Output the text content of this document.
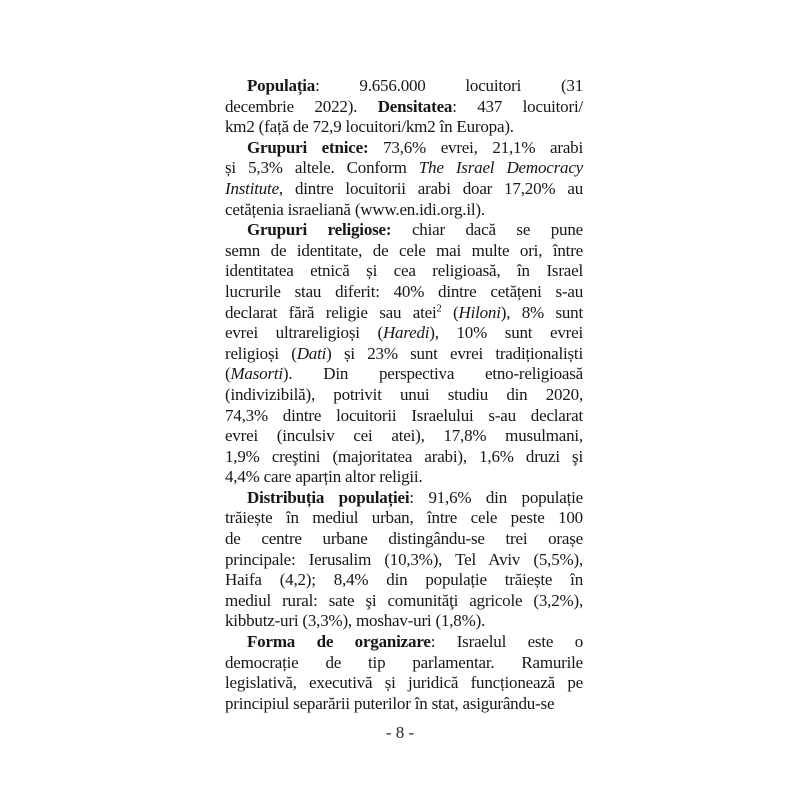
Populația: 9.656.000 locuitori (31
decembrie 2022). Densitatea: 437 locuitori/
km2 (față de 72,9 locuitori/km2 în Europa).
Grupuri etnice: 73,6% evrei, 21,1% arabi
și 5,3% altele. Conform The Israel Democracy
Institute, dintre locuitorii arabi doar 17,20% au
cetățenia israeliană (www.en.idi.org.il).
Grupuri religiose: chiar dacă se pune
semn de identitate, de cele mai multe ori, între
identitatea etnică și cea religioasă, în Israel
lucrurile stau diferit: 40% dintre cetățeni s-au
declarat fără religie sau atei$^2$ (Hiloni), 8% sunt
evrei ultrareligioși (Haredi), 10% sunt evrei
religioși (Dati) și 23% sunt evrei tradiționaliști
(Masorti). Din perspectiva etno-religioasă
(indivizibilă), potrivit unui studiu din 2020,
74,3% dintre locuitorii Israelului s-au declarat
evrei (inculsiv cei atei), 17,8% musulmani,
1,9% creştini (majoritatea arabi), 1,6% druzi şi
4,4% care aparțin altor religii.
Distribuția populației: 91,6% din populație
trăiește în mediul urban, între cele peste 100
de centre urbane distingându-se trei orașe
principale: Ierusalim (10,3%), Tel Aviv (5,5%),
Haifa (4,2); 8,4% din populație trăiește în
mediul rural: sate şi comunităţi agricole (3,2%),
kibbutz-uri (3,3%), moshav-uri (1,8%).
Forma de organizare: Israelul este o
democrație de tip parlamentar. Ramurile
legislativă, executivă și juridică funcționează pe
principiul separării puterilor în stat, asigurându-se
- 8 -
